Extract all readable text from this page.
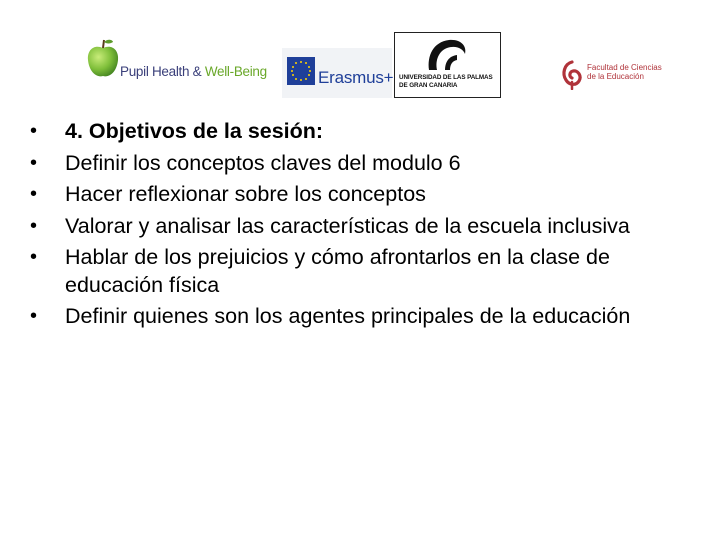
Pupil Health & Well-Being	Erasmus+ UNIVERSIDAD DE LAS PALMAS
DE GRAN CANARIA
Facultad de Ciencias
de la Educación
• 4. Objetivos de la sesión:
• Definir los conceptos claves del modulo 6
• Hacer reflexionar sobre los conceptos
• Valorar y analisar las características de la escuela inclusiva
• Hablar de los prejuicios y cómo afrontarlos en la clase de educación física
• Definir quienes son los agentes principales de la educación
